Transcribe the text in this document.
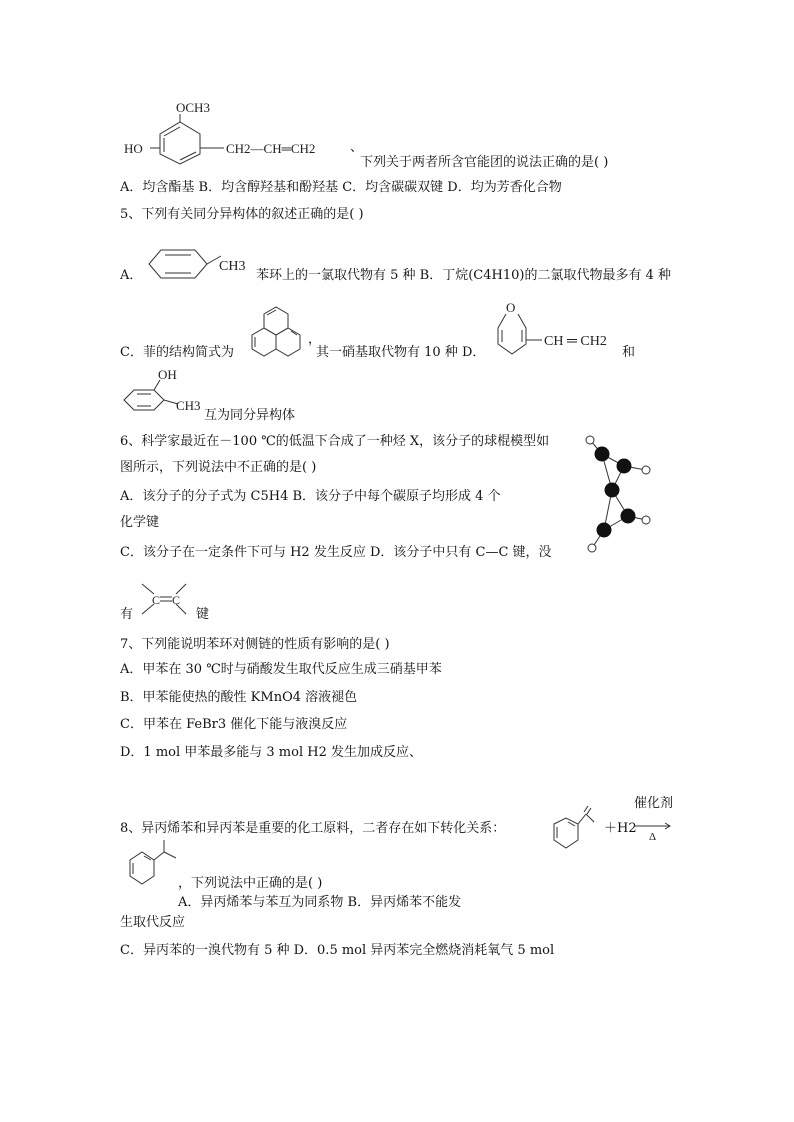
OCH3
HO	CH2—CH═CH2	、
下列关于两者所含官能团的说法正确的是( )
A．均含酯基 B．均含醇羟基和酚羟基 C．均含碳碳双键 D．均为芳香化合物
5、下列有关同分异构体的叙述正确的是( )
A．
CH3
苯环上的一氯取代物有 5 种 B．丁烷(C4H10)的二氯取代物最多有 4 种
C．菲的结构简式为
，
其一硝基取代物有 10 种 D．
O
CH ═ CH2
和
OH
CH3
互为同分异构体
6、科学家最近在－100 ℃的低温下合成了一种烃 X，该分子的球棍模型如
图所示，下列说法中不正确的是( )
A．该分子的分子式为 C5H4 B．该分子中每个碳原子均形成 4 个
化学键
C．该分子在一定条件下可与 H2 发生反应 D．该分子中只有 C—C 键，没
有
C C
键
7、下列能说明苯环对侧链的性质有影响的是( )
A．甲苯在 30 ℃时与硝酸发生取代反应生成三硝基甲苯
B．甲苯能使热的酸性 KMnO4 溶液褪色
C．甲苯在 FeBr3 催化下能与液溴反应
D．1 mol 甲苯最多能与 3 mol H2 发生加成反应、
催化剂
8、异丙烯苯和异丙苯是重要的化工原料，二者存在如下转化关系：	＋H2
Δ
，下列说法中正确的是( )
A．异丙烯苯与苯互为同系物 B．异丙烯苯不能发
生取代反应
C．异丙苯的一溴代物有 5 种 D．0.5 mol 异丙苯完全燃烧消耗氧气 5 mol
